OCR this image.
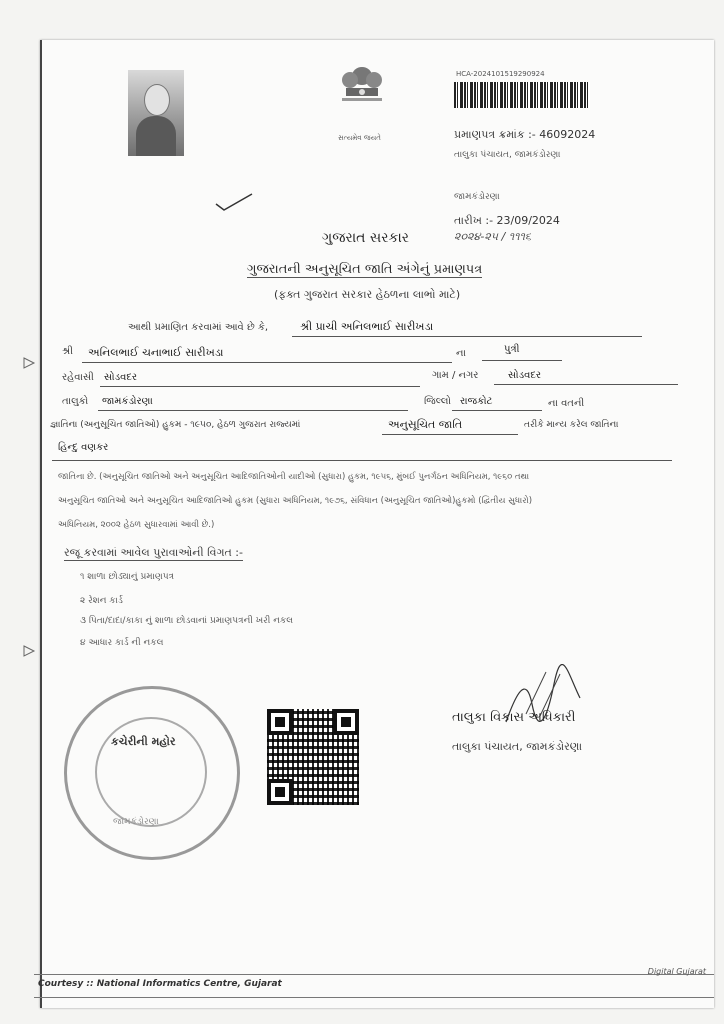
સત્યમેવ જયતે
HCA-2024101519290924
પ્રમાણપત્ર ક્રમાંક :- 46092024
તાલુકા પંચાયત, જામકંડોરણા
જામકંડોરણા
તારીખ :- 23/09/2024
૨૦૨૪-૨૫ / ૧૧૧૬
ગુજરાત સરકાર
ગુજરાતની અનુસૂચિત જાતિ અંગેનું પ્રમાણપત્ર
(ફક્ત ગુજરાત સરકાર હેઠળના લાભો માટે)
આથી પ્રમાણિત કરવામાં આવે છે કે,	શ્રી પ્રાચી અનિલભાઈ સારીખડા
શ્રી અનિલભાઈ ચનાભાઈ સારીખડા	ના	પુત્રી
રહેવાસી સોડવદર	ગામ / નગર	સોડવદર
તાલુકો જામકંડોરણા	જિલ્લો રાજકોટ	ના વતની
જ્ઞાતિના (અનુસૂચિત જાતિઓ) હુકમ - ૧૯૫૦, હેઠળ ગુજરાત રાજ્યમાં	અનુસૂચિત જાતિ	તરીકે માન્ય કરેલ જાતિના
હિન્દુ વણકર
જાતિના છે. (અનુસૂચિત જાતિઓ અને અનુસૂચિત આદિજાતિઓની યાદીઓ (સુધારા) હુકમ, ૧૯૫૬, મુંબઈ પુનર્ગઠન અધિનિયમ, ૧૯૬૦ તથા
અનુસૂચિત જાતિઓ અને અનુસૂચિત આદિજાતિઓ હુકમ (સુધારા અધિનિયમ, ૧૯૭૬, સંવિધાન (અનુસૂચિત જાતિઓ)હુકમો (દ્વિતીય સુધારો)
અધિનિયમ, ૨૦૦૨ હેઠળ સુધારવામાં આવી છે.)
રજૂ કરવામાં આવેલ પુરાવાઓની વિગત :-
૧ શાળા છોડ્યાનું પ્રમાણપત્ર
૨ રેશન કાર્ડ
૩ પિતા/દાદા/કાકા નું શાળા છોડવાનાં પ્રમાણપત્રની ખરી નકલ
૪ આધાર કાર્ડ ની નકલ
કચેરીની મહોર
જામકંડોરણા
તાલુકા વિકાસ અધિકારી
તાલુકા પંચાયત, જામકંડોરણા
Courtesy :: National Informatics Centre, Gujarat
Digital Gujarat
